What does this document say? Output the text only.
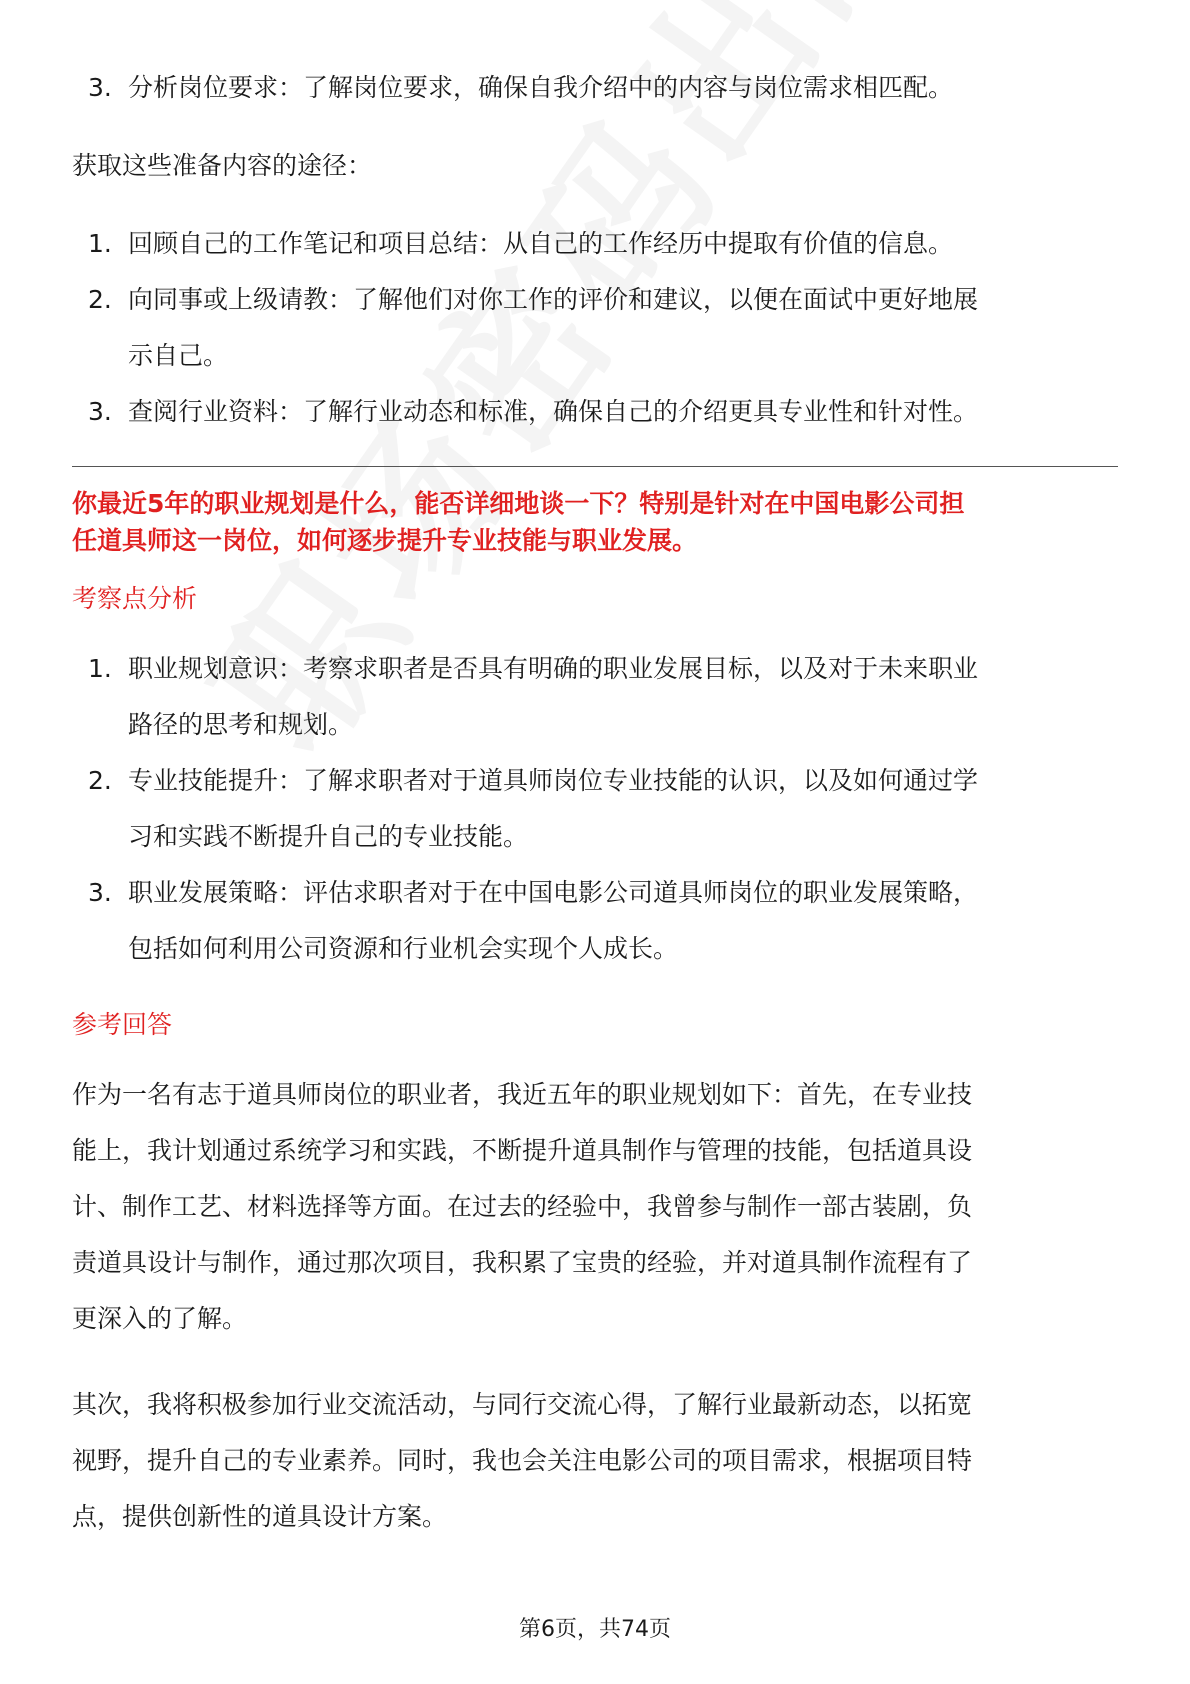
3. 分析岗位要求：了解岗位要求，确保自我介绍中的内容与岗位需求相匹配。
获取这些准备内容的途径：
1. 回顾自己的工作笔记和项目总结：从自己的工作经历中提取有价值的信息。
2. 向同事或上级请教：了解他们对你工作的评价和建议，以便在面试中更好地展
示自己。
3. 查阅行业资料：了解行业动态和标准，确保自己的介绍更具专业性和针对性。
你最近5年的职业规划是什么，能否详细地谈一下？特别是针对在中国电影公司担
任道具师这一岗位，如何逐步提升专业技能与职业发展。
考察点分析
1. 职业规划意识：考察求职者是否具有明确的职业发展目标，以及对于未来职业
路径的思考和规划。
2. 专业技能提升：了解求职者对于道具师岗位专业技能的认识，以及如何通过学
习和实践不断提升自己的专业技能。
3. 职业发展策略：评估求职者对于在中国电影公司道具师岗位的职业发展策略，
包括如何利用公司资源和行业机会实现个人成长。
参考回答
作为一名有志于道具师岗位的职业者，我近五年的职业规划如下：首先，在专业技
能上，我计划通过系统学习和实践，不断提升道具制作与管理的技能，包括道具设
计、制作工艺、材料选择等方面。在过去的经验中，我曾参与制作一部古装剧，负
责道具设计与制作，通过那次项目，我积累了宝贵的经验，并对道具制作流程有了
更深入的了解。
其次，我将积极参加行业交流活动，与同行交流心得，了解行业最新动态，以拓宽
视野，提升自己的专业素养。同时，我也会关注电影公司的项目需求，根据项目特
点，提供创新性的道具设计方案。
第6页，共74页
